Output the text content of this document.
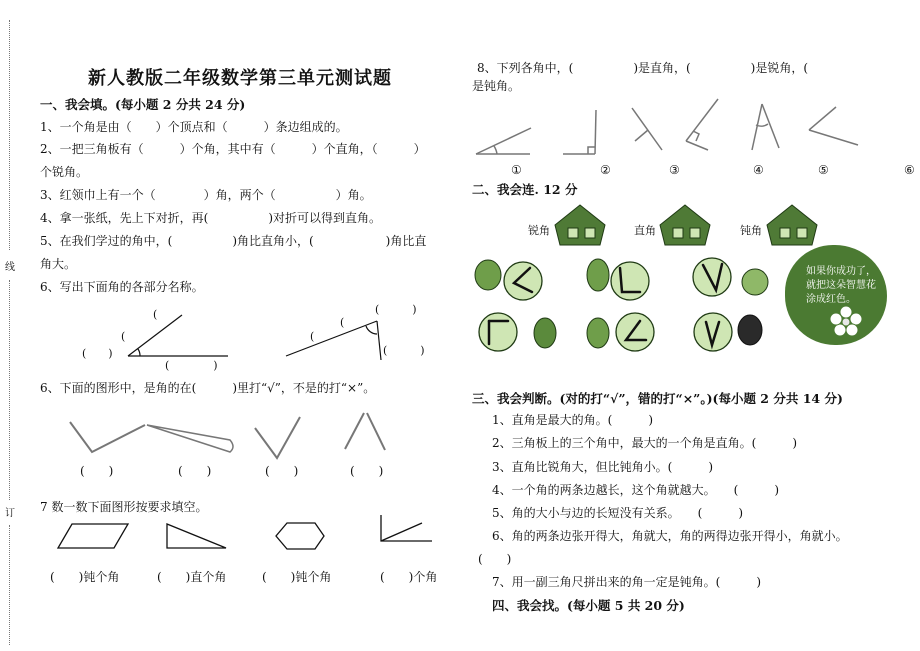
线
订
新人教版二年级数学第三单元测试题
一、我会填。(每小题 2 分共 24 分)
1、一个角是由（　　）个顶点和（　　　）条边组成的。
2、一把三角板有（　　　）个角，其中有（　　　）个直角，（　　　）
个锐角。
3、红领巾上有一个（　　　　）角，两个（　　　　　）角。
4、拿一张纸，先上下对折，再(　　　　　)对折可以得到直角。
5、在我们学过的角中，(　　　　　)角比直角小，(　　　　　　)角比直
角大。
6、写出下面角的各部分名称。
(
(
(　　)
(　　　　)
(
(
(　　　)
(　　　)
6、下面的图形中，是角的在(　　　)里打“√”，不是的打“×”。
(　　)	(　　)	(　　)	(　　)
7 数一数下面图形按要求填空。
(　　)钝个角	(　　)直个角	(　　)钝个角	(　　)个角
8、下列各角中，(　　　　　)是直角，(　　　　　)是锐角，(
是钝角。
①	②	③	④	⑤	⑥
二、我会连. 12 分
锐角	直角	钝角
如果你成功了，就把这朵智慧花涂成红色。
三、我会判断。(对的打“√”，错的打“×”。)(每小题 2 分共 14 分)
1、直角是最大的角。(　　　)
2、三角板上的三个角中，最大的一个角是直角。(　　　)
3、直角比锐角大，但比钝角小。(　　　)
4、一个角的两条边越长，这个角就越大。　　(　　　)
5、角的大小与边的长短没有关系。　　(　　　)
6、角的两条边张开得大，角就大，角的两得边张开得小，角就小。
(　　)
7、用一副三角尺拼出来的角一定是钝角。(　　　)
四、我会找。(每小题 5 共 20 分)
